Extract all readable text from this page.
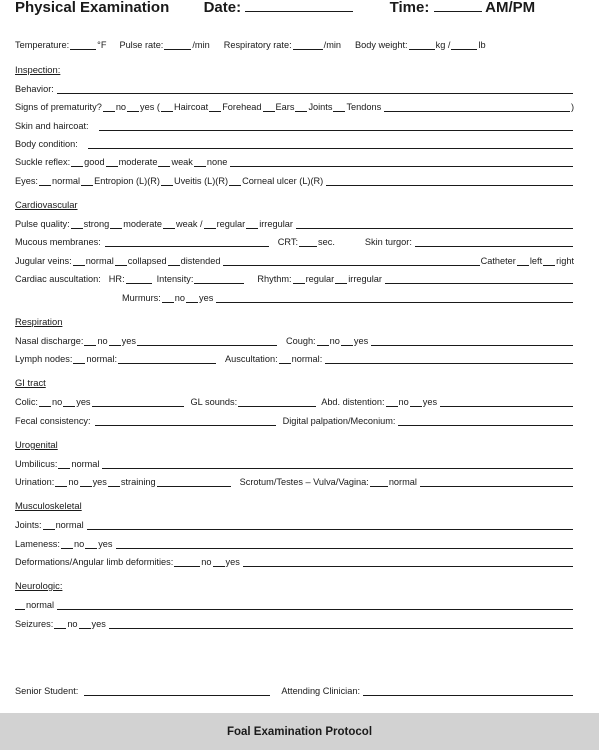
Physical Examination Date:	Time:	AM/PM
Temperature:	°F Pulse rate:	/min Respiratory rate:	/min Body weight:	kg /	lb
Inspection:
Behavior:
Signs of prematurity? no yes ( Haircoat Forehead Ears Joints Tendons	)
Skin and haircoat:
Body condition:
Suckle reflex: good moderate weak none
Eyes: normal Entropion (L)(R) Uveitis (L)(R) Corneal ulcer (L)(R)
Cardiovascular
Pulse quality: strong moderate weak / regular irregular
Mucous membranes:	CRT: sec.	Skin turgor:
Jugular veins: normal collapsed distended	Catheter left right
Cardiac auscultation: HR:	Intensity:	Rhythm: regular irregular
Murmurs: no yes
Respiration
Nasal discharge: no yes	Cough: no yes
Lymph nodes: normal:	Auscultation: normal:
GI tract
Colic: no yes	GL sounds:	Abd. distention: no yes
Fecal consistency:	Digital palpation/Meconium:
Urogenital
Umbilicus: normal
Urination: no yes straining	Scrotum/Testes – Vulva/Vagina: normal
Musculoskeletal
Joints: normal
Lameness: no yes
Deformations/Angular limb deformities:	no yes
Neurologic:
normal
Seizures: no yes
Senior Student:	Attending Clinician:
Foal Examination Protocol
